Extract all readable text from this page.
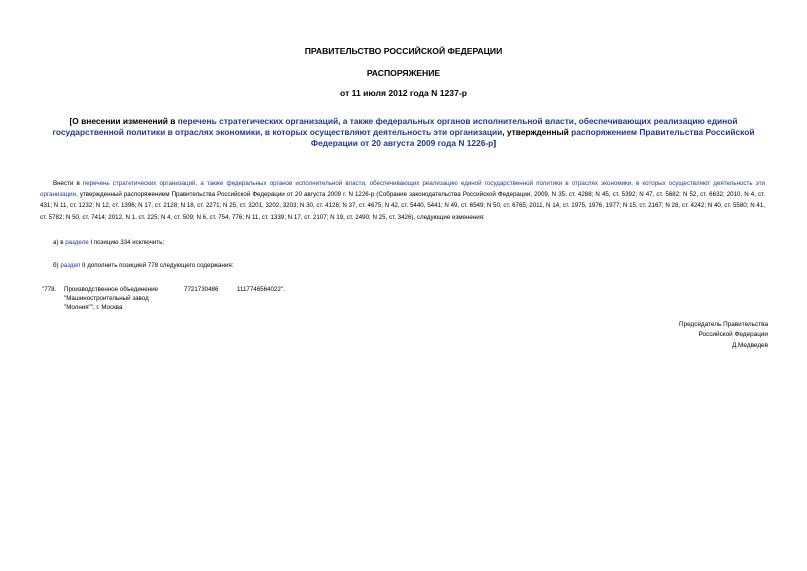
ПРАВИТЕЛЬСТВО РОССИЙСКОЙ ФЕДЕРАЦИИ
РАСПОРЯЖЕНИЕ
от 11 июля 2012 года N 1237-р
[О внесении изменений в перечень стратегических организаций, а также федеральных органов исполнительной власти, обеспечивающих реализацию единой государственной политики в отраслях экономики, в которых осуществляют деятельность эти организации, утвержденный распоряжением Правительства Российской Федерации от 20 августа 2009 года N 1226-р]
Внести в перечень стратегических организаций, а также федеральных органов исполнительной власти, обеспечивающих реализацию единой государственной политики в отраслях экономики, в которых осуществляют деятельность эти организации, утвержденный распоряжением Правительства Российской Федерации от 20 августа 2009 г. N 1226-р (Собрание законодательства Российской Федерации, 2009, N 35, ст. 4288; N 45, ст. 5392; N 47, ст. 5682; N 52, ст. 6632; 2010, N 4, ст. 431; N 11, ст. 1232; N 12, ст. 1396; N 17, ст. 2128; N 18, ст. 2271; N 25, ст. 3201, 3202, 3203; N 30, ст. 4126; N 37, ст. 4675; N 42, ст. 5440, 5441; N 49, ст. 6549; N 50, ст. 6765; 2011, N 14, ст. 1975, 1976, 1977; N 15, ст. 2167; N 28, ст. 4242; N 40, ст. 5580; N 41, ст. 5782; N 50, ст. 7414; 2012, N 1, ст. 225; N 4, ст. 509; N 6, ст. 754, 776; N 11, ст. 1339; N 17, ст. 2107; N 19, ст. 2490; N 25, ст. 3426), следующие изменения:
а) в разделе I позицию 334 исключить;
б) раздел II дополнить позицией 778 следующего содержания:
"778. Производственное объединение
"Машиностроительный завод
"Молния"", г. Москва
7721730486	1117746564022".
Председатель Правительства
Российской Федерации
Д.Медведев
